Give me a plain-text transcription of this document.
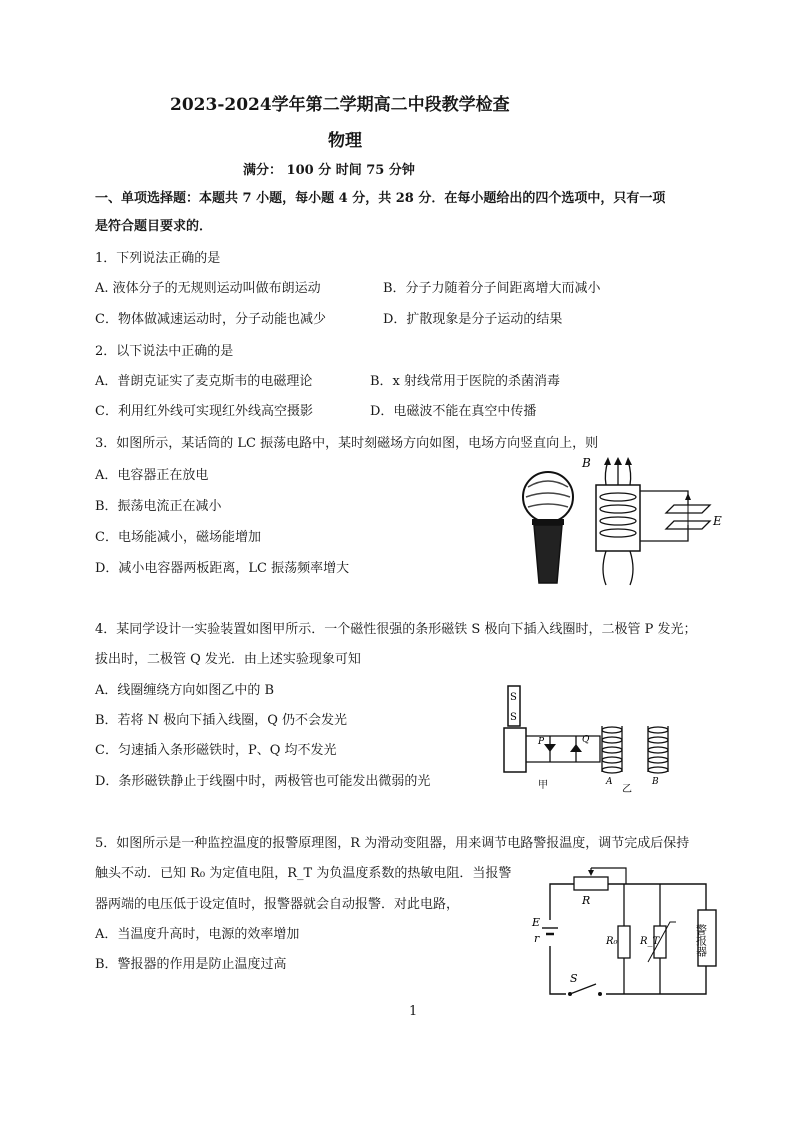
2023-2024学年第二学期高二中段教学检查
物理
满分： 100 分 时间 75 分钟
一、单项选择题：本题共 7 小题，每小题 4 分，共 28 分．在每小题给出的四个选项中，只有一项
是符合题目要求的．
1．下列说法正确的是
A. 液体分子的无规则运动叫做布朗运动	B．分子力随着分子间距离增大而减小
C．物体做减速运动时，分子动能也减少	D．扩散现象是分子运动的结果
2．以下说法中正确的是
A．普朗克证实了麦克斯韦的电磁理论	B．x 射线常用于医院的杀菌消毒
C．利用红外线可实现红外线高空摄影	D．电磁波不能在真空中传播
3．如图所示，某话筒的 LC 振荡电路中，某时刻磁场方向如图，电场方向竖直向上，则
A．电容器正在放电
B．振荡电流正在减小
C．电场能减小，磁场能增加
D．减小电容器两板距离，LC 振荡频率增大
B
E
4．某同学设计一实验装置如图甲所示．一个磁性很强的条形磁铁 S 极向下插入线圈时，二极管 P 发光；
拔出时，二极管 Q 发光．由上述实验现象可知
A．线圈缠绕方向如图乙中的 B
B．若将 N 极向下插入线圈，Q 仍不会发光
C．匀速插入条形磁铁时，P、Q 均不发光
D．条形磁铁静止于线圈中时，两极管也可能发出微弱的光
S
S
P	Q
A	B
甲	乙
5．如图所示是一种监控温度的报警原理图，R 为滑动变阻器，用来调节电路警报温度，调节完成后保持
触头不动．已知 R₀ 为定值电阻，R_T 为负温度系数的热敏电阻．当报警
器两端的电压低于设定值时，报警器就会自动报警．对此电路，
A．当温度升高时，电源的效率增加
B．警报器的作用是防止温度过高
R
E
r	R₀ R_T	警报器
S
1
